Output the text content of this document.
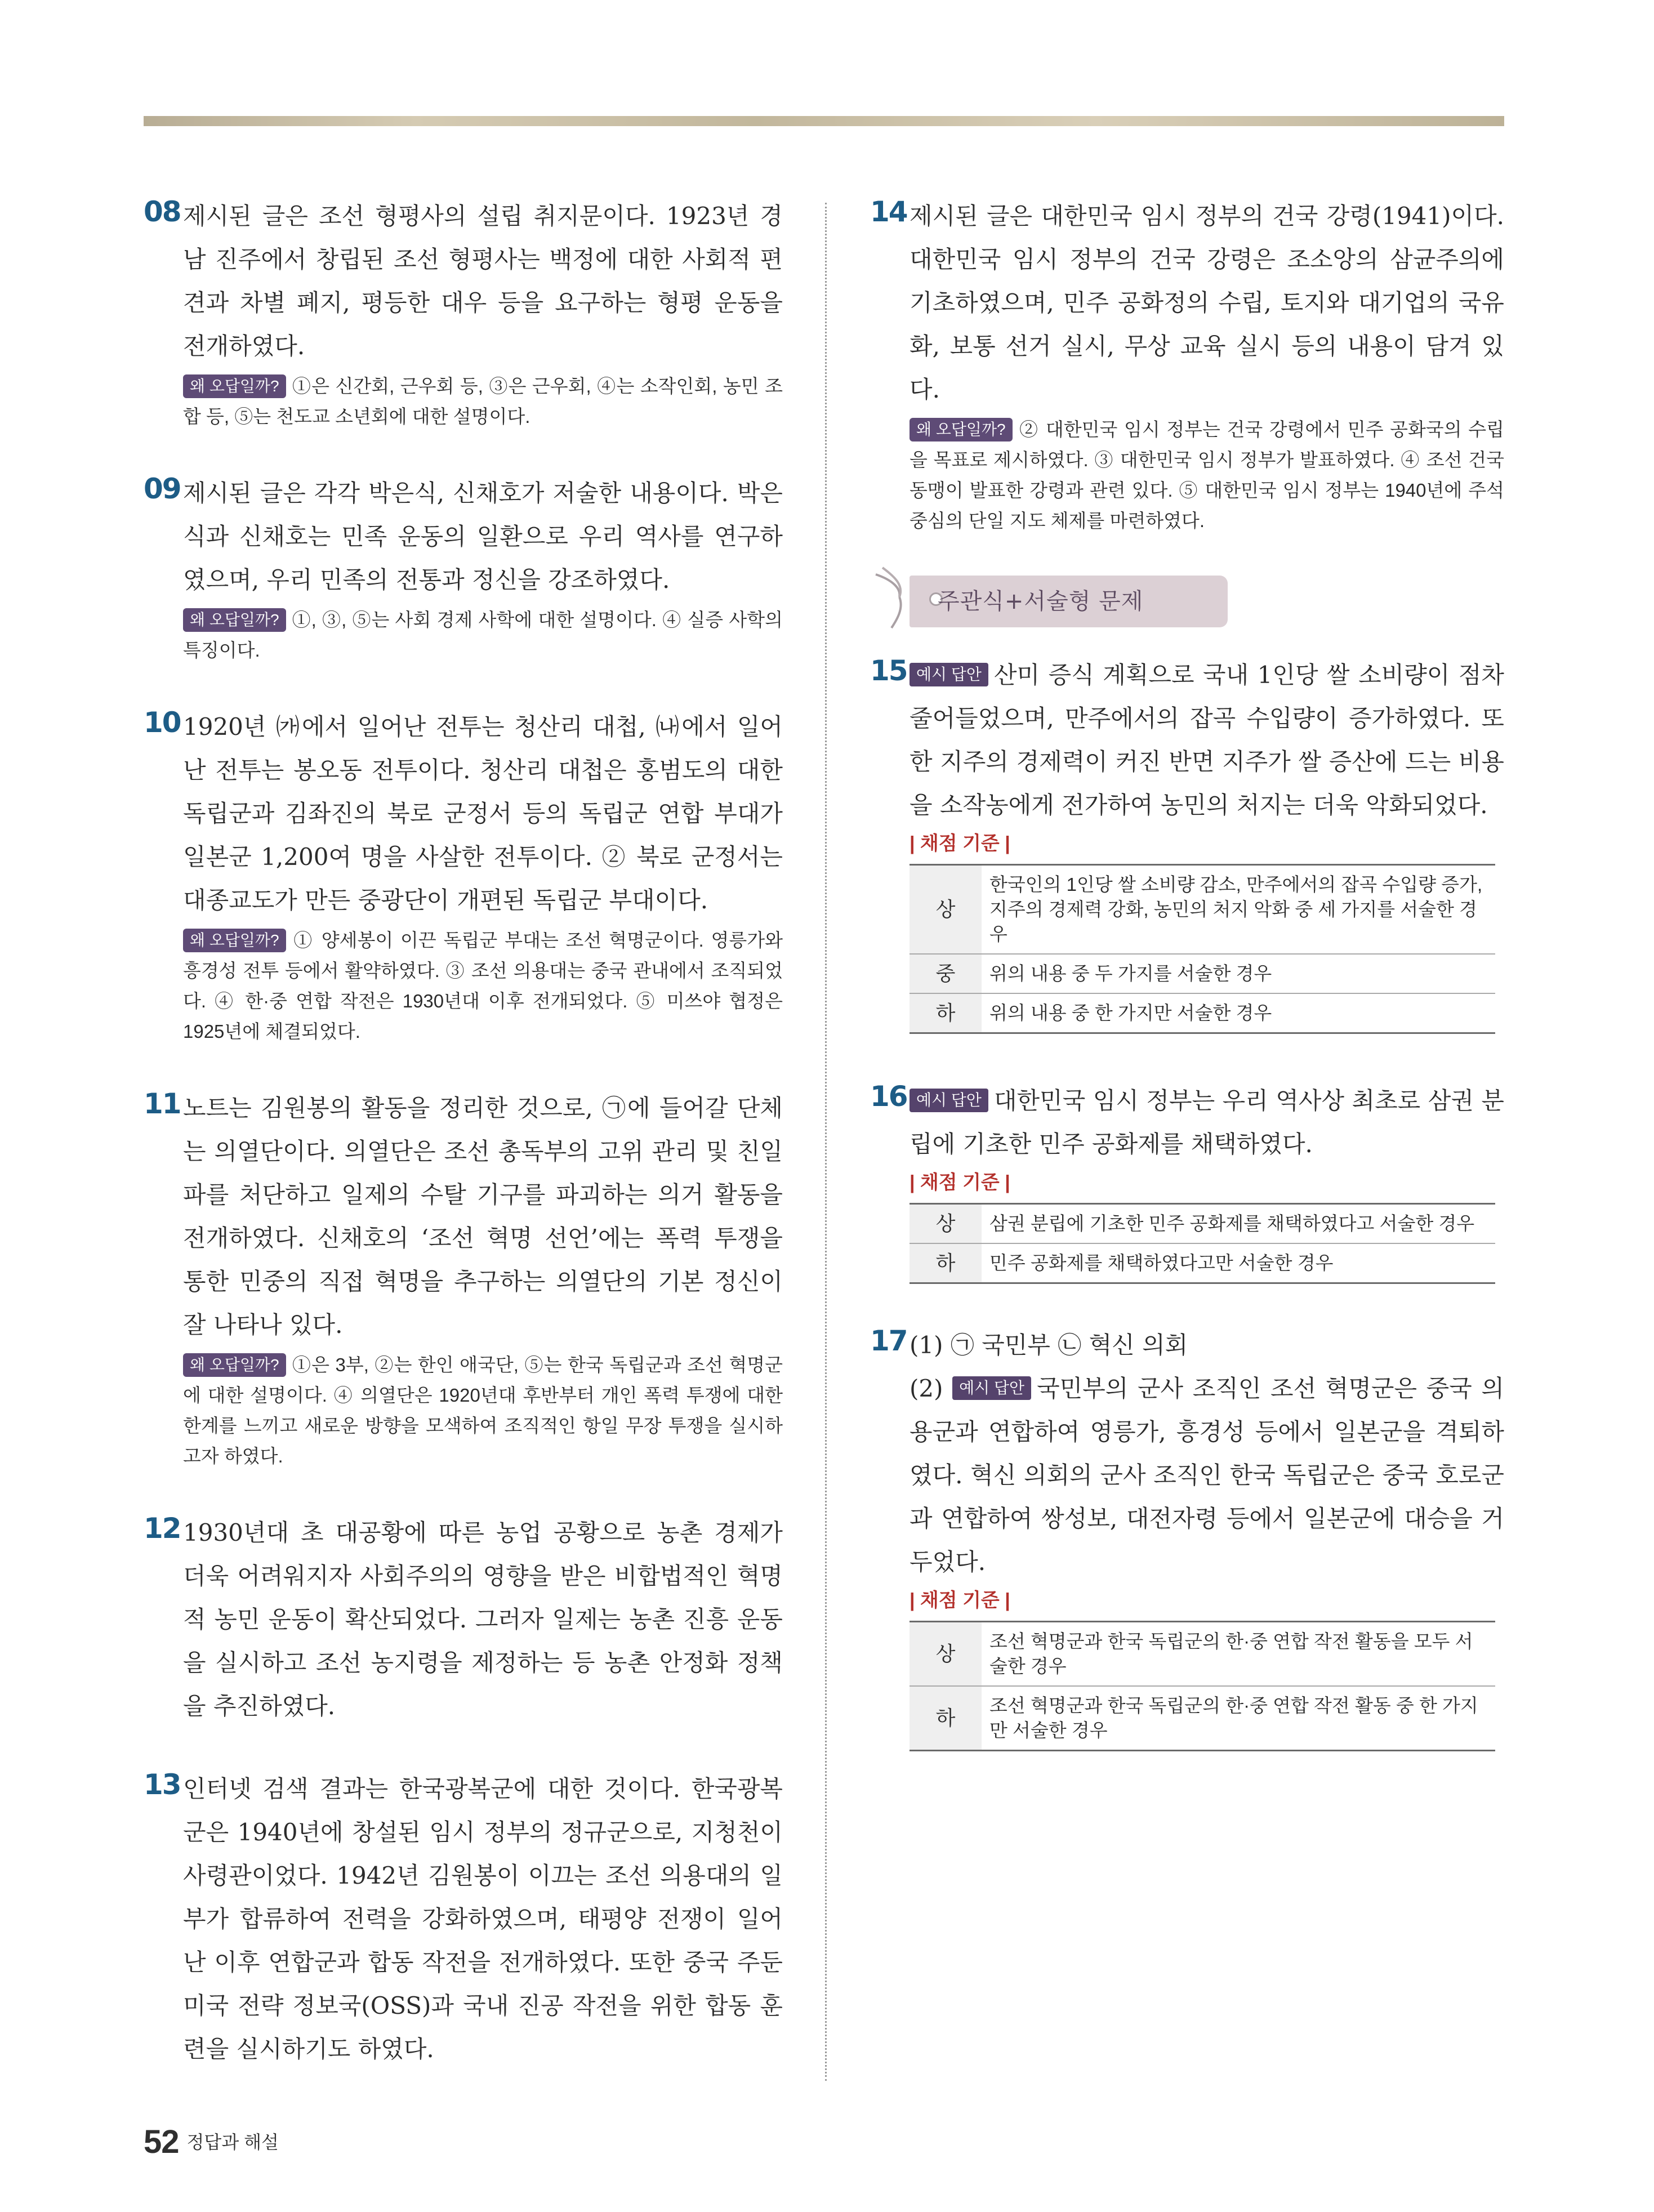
08 제시된 글은 조선 형평사의 설립 취지문이다. 1923년 경남 진주에서 창립된 조선 형평사는 백정에 대한 사회적 편견과 차별 폐지, 평등한 대우 등을 요구하는 형평 운동을 전개하였다.
왜 오답일까? ①은 신간회, 근우회 등, ③은 근우회, ④는 소작인회, 농민 조합 등, ⑤는 천도교 소년회에 대한 설명이다.
09 제시된 글은 각각 박은식, 신채호가 저술한 내용이다. 박은식과 신채호는 민족 운동의 일환으로 우리 역사를 연구하였으며, 우리 민족의 전통과 정신을 강조하였다.
왜 오답일까? ①, ③, ⑤는 사회 경제 사학에 대한 설명이다. ④ 실증 사학의 특징이다.
10 1920년 ㈎에서 일어난 전투는 청산리 대첩, ㈏에서 일어난 전투는 봉오동 전투이다. 청산리 대첩은 홍범도의 대한 독립군과 김좌진의 북로 군정서 등의 독립군 연합 부대가 일본군 1,200여 명을 사살한 전투이다. ② 북로 군정서는 대종교도가 만든 중광단이 개편된 독립군 부대이다.
왜 오답일까? ① 양세봉이 이끈 독립군 부대는 조선 혁명군이다. 영릉가와 흥경성 전투 등에서 활약하였다. ③ 조선 의용대는 중국 관내에서 조직되었다. ④ 한·중 연합 작전은 1930년대 이후 전개되었다. ⑤ 미쓰야 협정은 1925년에 체결되었다.
11 노트는 김원봉의 활동을 정리한 것으로, ㉠에 들어갈 단체는 의열단이다. 의열단은 조선 총독부의 고위 관리 및 친일파를 처단하고 일제의 수탈 기구를 파괴하는 의거 활동을 전개하였다. 신채호의 ‘조선 혁명 선언’에는 폭력 투쟁을 통한 민중의 직접 혁명을 추구하는 의열단의 기본 정신이 잘 나타나 있다.
왜 오답일까? ①은 3부, ②는 한인 애국단, ⑤는 한국 독립군과 조선 혁명군에 대한 설명이다. ④ 의열단은 1920년대 후반부터 개인 폭력 투쟁에 대한 한계를 느끼고 새로운 방향을 모색하여 조직적인 항일 무장 투쟁을 실시하고자 하였다.
12 1930년대 초 대공황에 따른 농업 공황으로 농촌 경제가 더욱 어려워지자 사회주의의 영향을 받은 비합법적인 혁명적 농민 운동이 확산되었다. 그러자 일제는 농촌 진흥 운동을 실시하고 조선 농지령을 제정하는 등 농촌 안정화 정책을 추진하였다.
13 인터넷 검색 결과는 한국광복군에 대한 것이다. 한국광복군은 1940년에 창설된 임시 정부의 정규군으로, 지청천이 사령관이었다. 1942년 김원봉이 이끄는 조선 의용대의 일부가 합류하여 전력을 강화하였으며, 태평양 전쟁이 일어난 이후 연합군과 합동 작전을 전개하였다. 또한 중국 주둔 미국 전략 정보국(OSS)과 국내 진공 작전을 위한 합동 훈련을 실시하기도 하였다.
14 제시된 글은 대한민국 임시 정부의 건국 강령(1941)이다. 대한민국 임시 정부의 건국 강령은 조소앙의 삼균주의에 기초하였으며, 민주 공화정의 수립, 토지와 대기업의 국유화, 보통 선거 실시, 무상 교육 실시 등의 내용이 담겨 있다.
왜 오답일까? ② 대한민국 임시 정부는 건국 강령에서 민주 공화국의 수립을 목표로 제시하였다. ③ 대한민국 임시 정부가 발표하였다. ④ 조선 건국 동맹이 발표한 강령과 관련 있다. ⑤ 대한민국 임시 정부는 1940년에 주석 중심의 단일 지도 체제를 마련하였다.
주관식+서술형 문제
15 예시 답안 산미 증식 계획으로 국내 1인당 쌀 소비량이 점차 줄어들었으며, 만주에서의 잡곡 수입량이 증가하였다. 또한 지주의 경제력이 커진 반면 지주가 쌀 증산에 드는 비용을 소작농에게 전가하여 농민의 처지는 더욱 악화되었다.
| 채점 기준 |
상	한국인의 1인당 쌀 소비량 감소, 만주에서의 잡곡 수입량 증가, 지주의 경제력 강화, 농민의 처지 악화 중 세 가지를 서술한 경우
중	위의 내용 중 두 가지를 서술한 경우
하	위의 내용 중 한 가지만 서술한 경우
16 예시 답안 대한민국 임시 정부는 우리 역사상 최초로 삼권 분립에 기초한 민주 공화제를 채택하였다.
| 채점 기준 |
상	삼권 분립에 기초한 민주 공화제를 채택하였다고 서술한 경우
하	민주 공화제를 채택하였다고만 서술한 경우
17 (1) ㉠ 국민부 ㉡ 혁신 의회
(2) 예시 답안 국민부의 군사 조직인 조선 혁명군은 중국 의용군과 연합하여 영릉가, 흥경성 등에서 일본군을 격퇴하였다. 혁신 의회의 군사 조직인 한국 독립군은 중국 호로군과 연합하여 쌍성보, 대전자령 등에서 일본군에 대승을 거두었다.
| 채점 기준 |
상	조선 혁명군과 한국 독립군의 한·중 연합 작전 활동을 모두 서술한 경우
하	조선 혁명군과 한국 독립군의 한·중 연합 작전 활동 중 한 가지만 서술한 경우
52 정답과 해설
